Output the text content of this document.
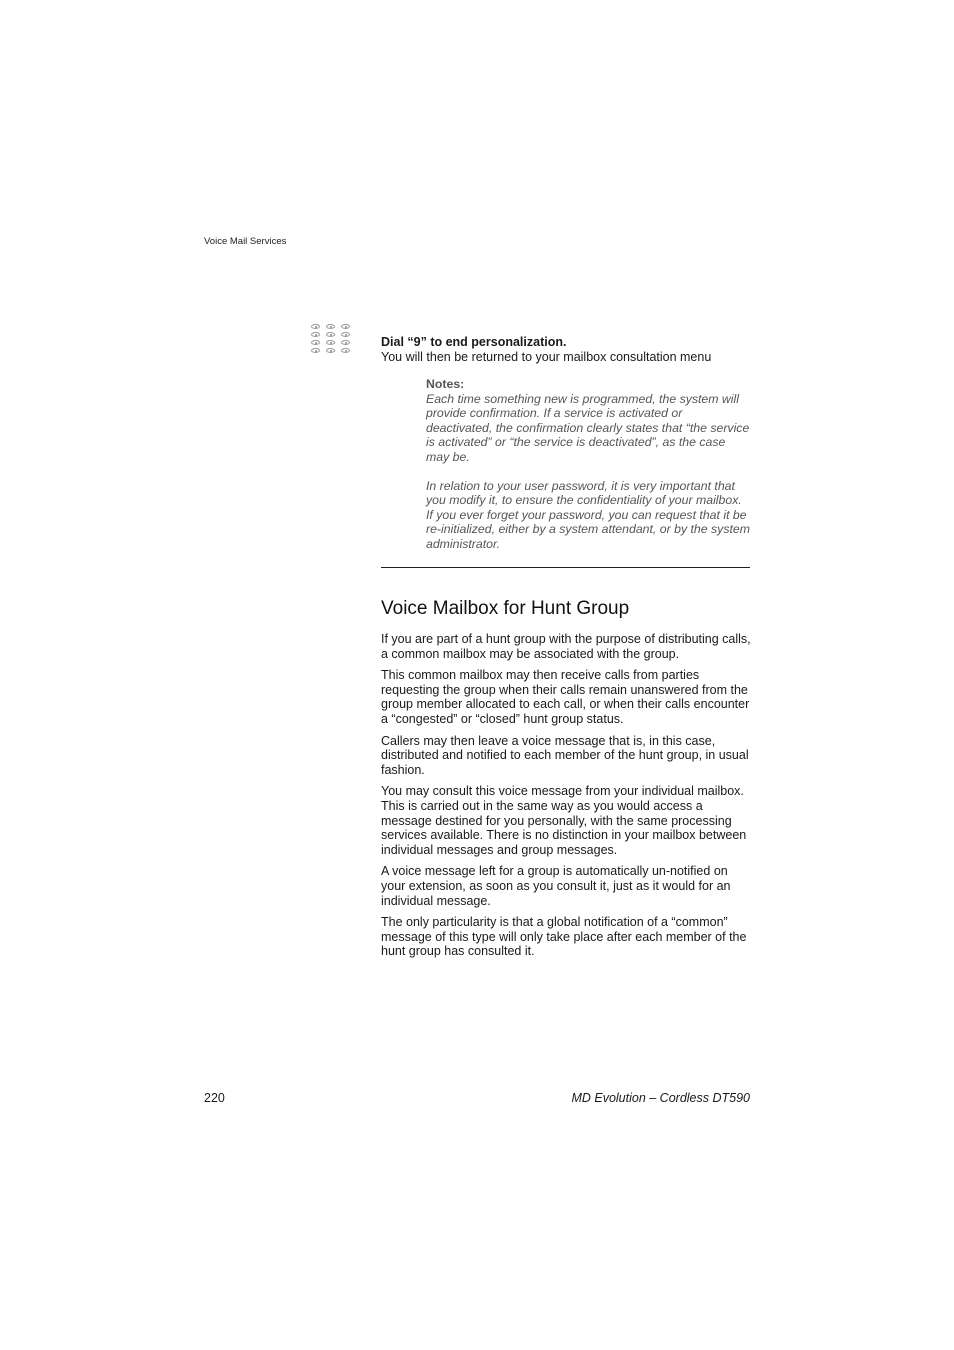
Voice Mail Services
Dial “9” to end personalization.
You will then be returned to your mailbox consultation menu
Notes:

Each time something new is programmed, the system will provide confirmation. If a service is activated or deactivated, the confirmation clearly states that “the service is activated” or “the service is deactivated”, as the case may be.

In relation to your user password, it is very important that you modify it, to ensure the confidentiality of your mailbox. If you ever forget your password, you can request that it be re-initialized, either by a system attendant, or by the system administrator.

Voice Mailbox for Hunt Group

If you are part of a hunt group with the purpose of distributing calls, a common mailbox may be associated with the group.

This common mailbox may then receive calls from parties requesting the group when their calls remain unanswered from the group member allocated to each call, or when their calls encounter a “congested” or “closed” hunt group status.

Callers may then leave a voice message that is, in this case, distributed and notified to each member of the hunt group, in usual fashion.

You may consult this voice message from your individual mailbox. This is carried out in the same way as you would access a message destined for you personally, with the same processing services available. There is no distinction in your mailbox between individual messages and group messages.

A voice message left for a group is automatically un-notified on your extension, as soon as you consult it, just as it would for an individual message.

The only particularity is that a global notification of a “common” message of this type will only take place after each member of the hunt group has consulted it.

220	MD Evolution – Cordless DT590
